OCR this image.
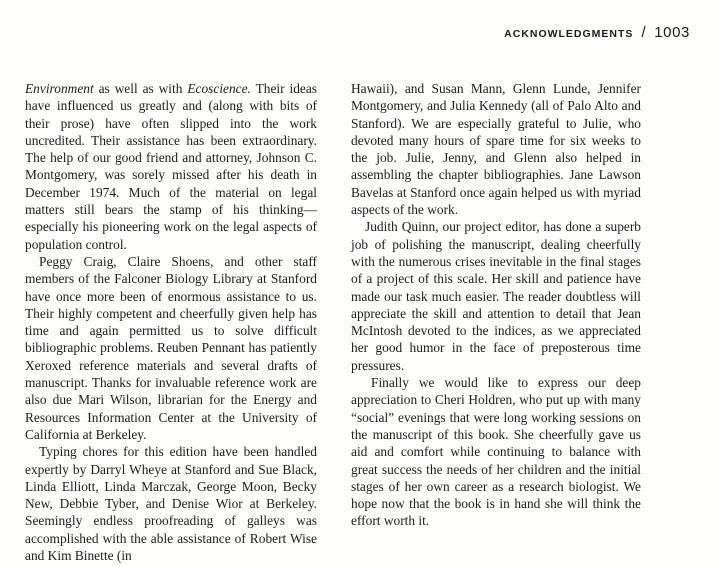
ACKNOWLEDGMENTS / 1003

Environment as well as with Ecoscience. Their ideas have influenced us greatly and (along with bits of their prose) have often slipped into the work uncredited. Their assistance has been extraordinary. The help of our good friend and attorney, Johnson C. Montgomery, was sorely missed after his death in December 1974. Much of the material on legal matters still bears the stamp of his thinking—especially his pioneering work on the legal aspects of population control.

Peggy Craig, Claire Shoens, and other staff members of the Falconer Biology Library at Stanford have once more been of enormous assistance to us. Their highly competent and cheerfully given help has time and again permitted us to solve difficult bibliographic problems. Reuben Pennant has patiently Xeroxed reference materials and several drafts of manuscript. Thanks for invaluable reference work are also due Mari Wilson, librarian for the Energy and Resources Information Center at the University of California at Berkeley.

Typing chores for this edition have been handled expertly by Darryl Wheye at Stanford and Sue Black, Linda Elliott, Linda Marczak, George Moon, Becky New, Debbie Tyber, and Denise Wior at Berkeley. Seemingly endless proofreading of galleys was accomplished with the able assistance of Robert Wise and Kim Binette (in

Hawaii), and Susan Mann, Glenn Lunde, Jennifer Montgomery, and Julia Kennedy (all of Palo Alto and Stanford). We are especially grateful to Julie, who devoted many hours of spare time for six weeks to the job. Julie, Jenny, and Glenn also helped in assembling the chapter bibliographies. Jane Lawson Bavelas at Stanford once again helped us with myriad aspects of the work.

Judith Quinn, our project editor, has done a superb job of polishing the manuscript, dealing cheerfully with the numerous crises inevitable in the final stages of a project of this scale. Her skill and patience have made our task much easier. The reader doubtless will appreciate the skill and attention to detail that Jean McIntosh devoted to the indices, as we appreciated her good humor in the face of preposterous time pressures.

Finally we would like to express our deep appreciation to Cheri Holdren, who put up with many “social” evenings that were long working sessions on the manuscript of this book. She cheerfully gave us aid and comfort while continuing to balance with great success the needs of her children and the initial stages of her own career as a research biologist. We hope now that the book is in hand she will think the effort worth it.
